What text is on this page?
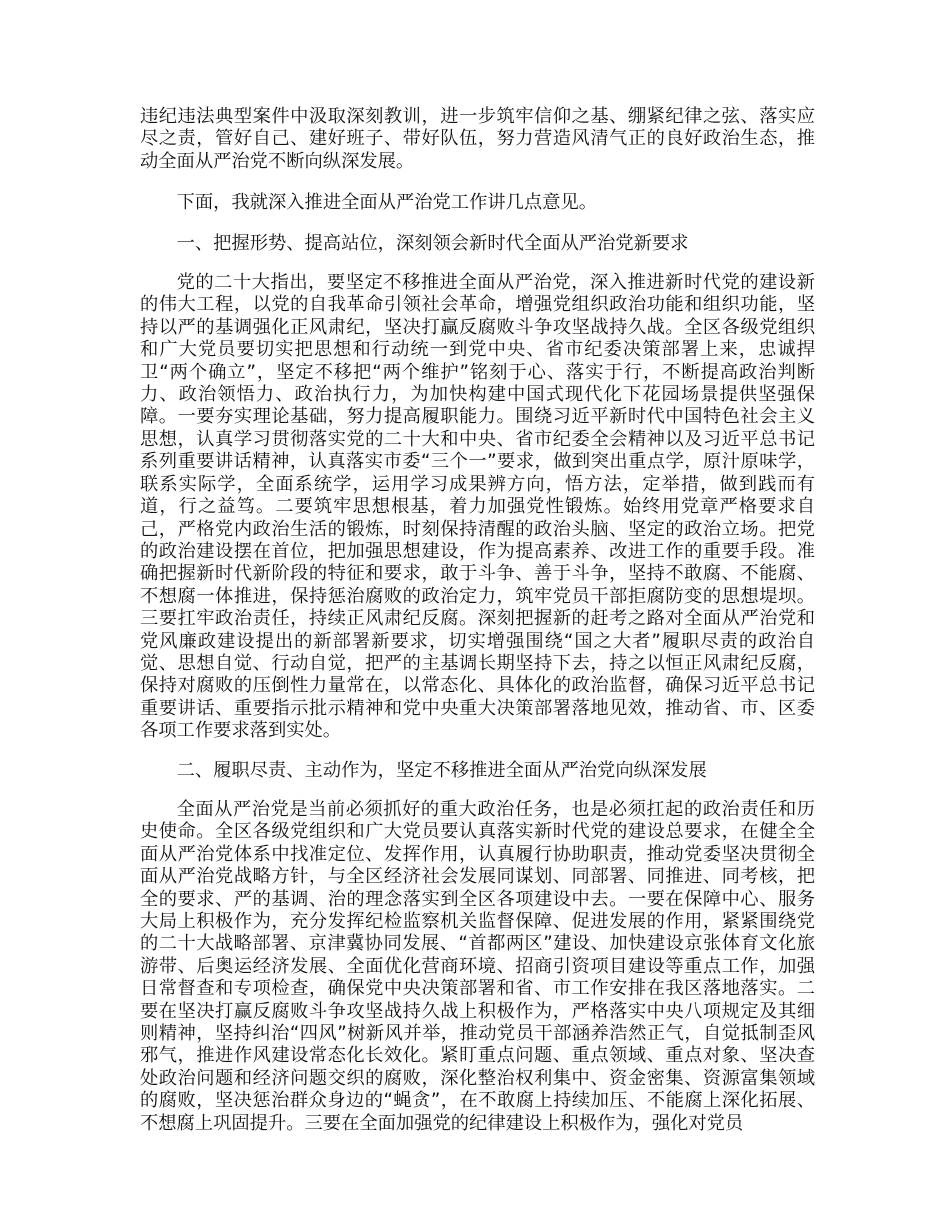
违纪违法典型案件中汲取深刻教训，进一步筑牢信仰之基、绷紧纪律之弦、落实应尽之责，管好自己、建好班子、带好队伍，努力营造风清气正的良好政治生态，推动全面从严治党不断向纵深发展。

下面，我就深入推进全面从严治党工作讲几点意见。

一、把握形势、提高站位，深刻领会新时代全面从严治党新要求

党的二十大指出，要坚定不移推进全面从严治党，深入推进新时代党的建设新的伟大工程，以党的自我革命引领社会革命，增强党组织政治功能和组织功能，坚持以严的基调强化正风肃纪，坚决打赢反腐败斗争攻坚战持久战。全区各级党组织和广大党员要切实把思想和行动统一到党中央、省市纪委决策部署上来，忠诚捍卫“两个确立”，坚定不移把“两个维护”铭刻于心、落实于行，不断提高政治判断力、政治领悟力、政治执行力，为加快构建中国式现代化下花园场景提供坚强保障。一要夯实理论基础，努力提高履职能力。围绕习近平新时代中国特色社会主义思想，认真学习贯彻落实党的二十大和中央、省市纪委全会精神以及习近平总书记系列重要讲话精神，认真落实市委“三个一”要求，做到突出重点学，原汁原味学，联系实际学，全面系统学，运用学习成果辨方向，悟方法，定举措，做到践而有道，行之益笃。二要筑牢思想根基，着力加强党性锻炼。始终用党章严格要求自己，严格党内政治生活的锻炼，时刻保持清醒的政治头脑、坚定的政治立场。把党的政治建设摆在首位，把加强思想建设，作为提高素养、改进工作的重要手段。准确把握新时代新阶段的特征和要求，敢于斗争、善于斗争，坚持不敢腐、不能腐、不想腐一体推进，保持惩治腐败的政治定力，筑牢党员干部拒腐防变的思想堤坝。三要扛牢政治责任，持续正风肃纪反腐。深刻把握新的赶考之路对全面从严治党和党风廉政建设提出的新部署新要求，切实增强围绕“国之大者”履职尽责的政治自觉、思想自觉、行动自觉，把严的主基调长期坚持下去，持之以恒正风肃纪反腐，保持对腐败的压倒性力量常在，以常态化、具体化的政治监督，确保习近平总书记重要讲话、重要指示批示精神和党中央重大决策部署落地见效，推动省、市、区委各项工作要求落到实处。

二、履职尽责、主动作为，坚定不移推进全面从严治党向纵深发展

全面从严治党是当前必须抓好的重大政治任务，也是必须扛起的政治责任和历史使命。全区各级党组织和广大党员要认真落实新时代党的建设总要求，在健全全面从严治党体系中找准定位、发挥作用，认真履行协助职责，推动党委坚决贯彻全面从严治党战略方针，与全区经济社会发展同谋划、同部署、同推进、同考核，把全的要求、严的基调、治的理念落实到全区各项建设中去。一要在保障中心、服务大局上积极作为，充分发挥纪检监察机关监督保障、促进发展的作用，紧紧围绕党的二十大战略部署、京津冀协同发展、“首都两区”建设、加快建设京张体育文化旅游带、后奥运经济发展、全面优化营商环境、招商引资项目建设等重点工作，加强日常督查和专项检查，确保党中央决策部署和省、市工作安排在我区落地落实。二要在坚决打赢反腐败斗争攻坚战持久战上积极作为，严格落实中央八项规定及其细则精神，坚持纠治“四风”树新风并举，推动党员干部涵养浩然正气，自觉抵制歪风邪气，推进作风建设常态化长效化。紧盯重点问题、重点领域、重点对象、坚决查处政治问题和经济问题交织的腐败，深化整治权利集中、资金密集、资源富集领域的腐败，坚决惩治群众身边的“蝇贪”，在不敢腐上持续加压、不能腐上深化拓展、不想腐上巩固提升。三要在全面加强党的纪律建设上积极作为，强化对党员
